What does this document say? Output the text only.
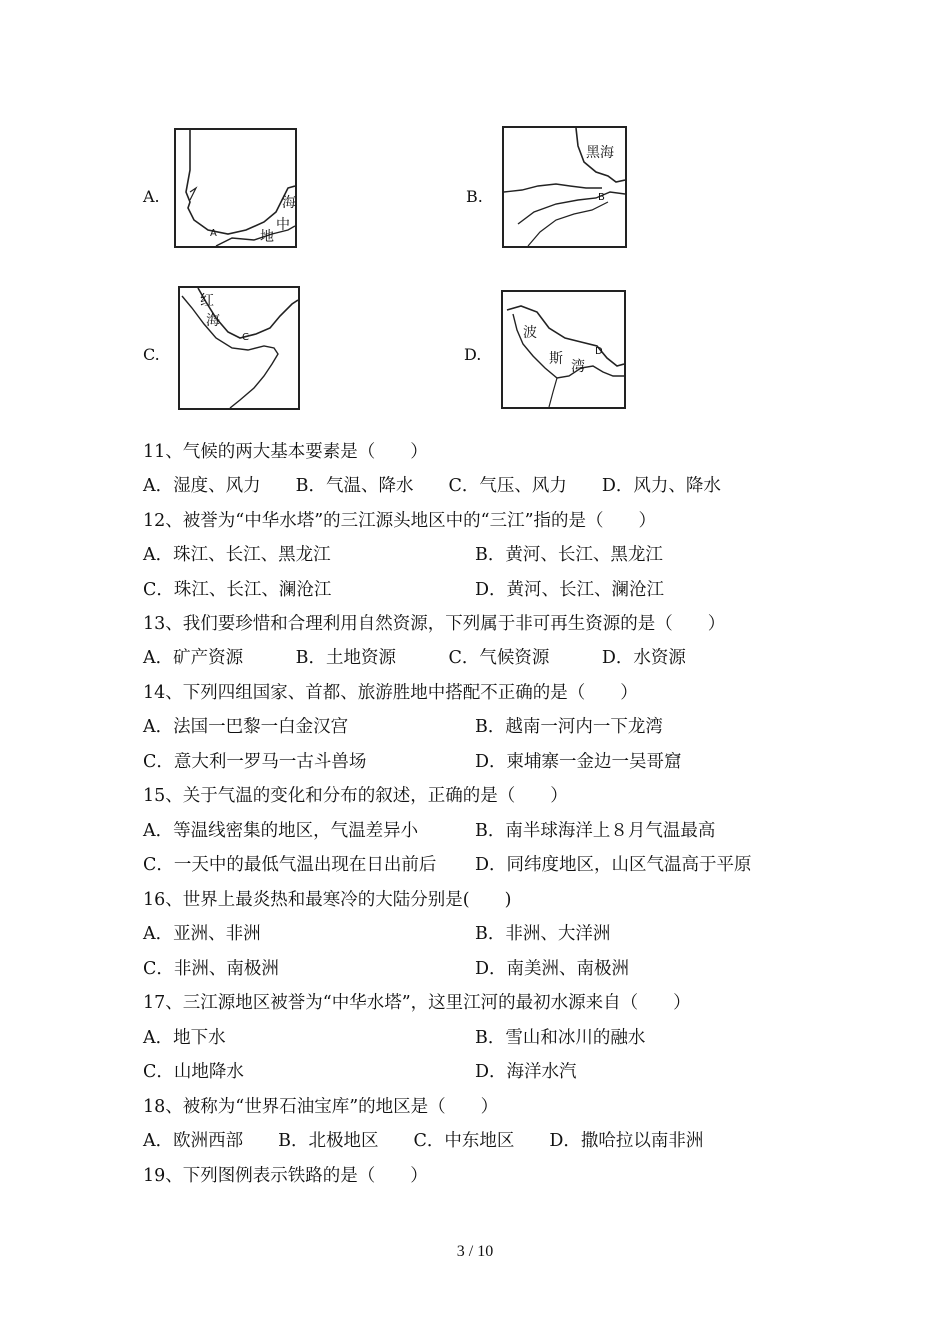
A.	海
中
地
A
B.
黑海
B
C.
红
海
C
D.
波
斯 湾
D
11、气候的两大基本要素是（　　）
A．湿度、风力　　B．气温、降水　　C．气压、风力　　D．风力、降水
12、被誉为“中华水塔”的三江源头地区中的“三江”指的是（　　）
A．珠江、长江、黑龙江	B．黄河、长江、黑龙江
C．珠江、长江、澜沧江	D．黄河、长江、澜沧江
13、我们要珍惜和合理利用自然资源，下列属于非可再生资源的是（　　）
A．矿产资源　　　B．土地资源　　　C．气候资源　　　D．水资源
14、下列四组国家、首都、旅游胜地中搭配不正确的是（　　）
A．法国一巴黎一白金汉宫	B．越南一河内一下龙湾
C．意大利一罗马一古斗兽场	D．柬埔寨一金边一吴哥窟
15、关于气温的变化和分布的叙述，正确的是（　　）
A．等温线密集的地区，气温差异小	B．南半球海洋上８月气温最高
C．一天中的最低气温出现在日出前后 D．同纬度地区，山区气温高于平原
16、世界上最炎热和最寒冷的大陆分别是(　　)
A．亚洲、非洲	B．非洲、大洋洲
C．非洲、南极洲	D．南美洲、南极洲
17、三江源地区被誉为“中华水塔”，这里江河的最初水源来自（　　）
A．地下水	B．雪山和冰川的融水
C．山地降水	D．海洋水汽
18、被称为“世界石油宝库”的地区是（　　）
A．欧洲西部　　B．北极地区　　C．中东地区　　D．撒哈拉以南非洲
19、下列图例表示铁路的是（　　）
3 / 10
